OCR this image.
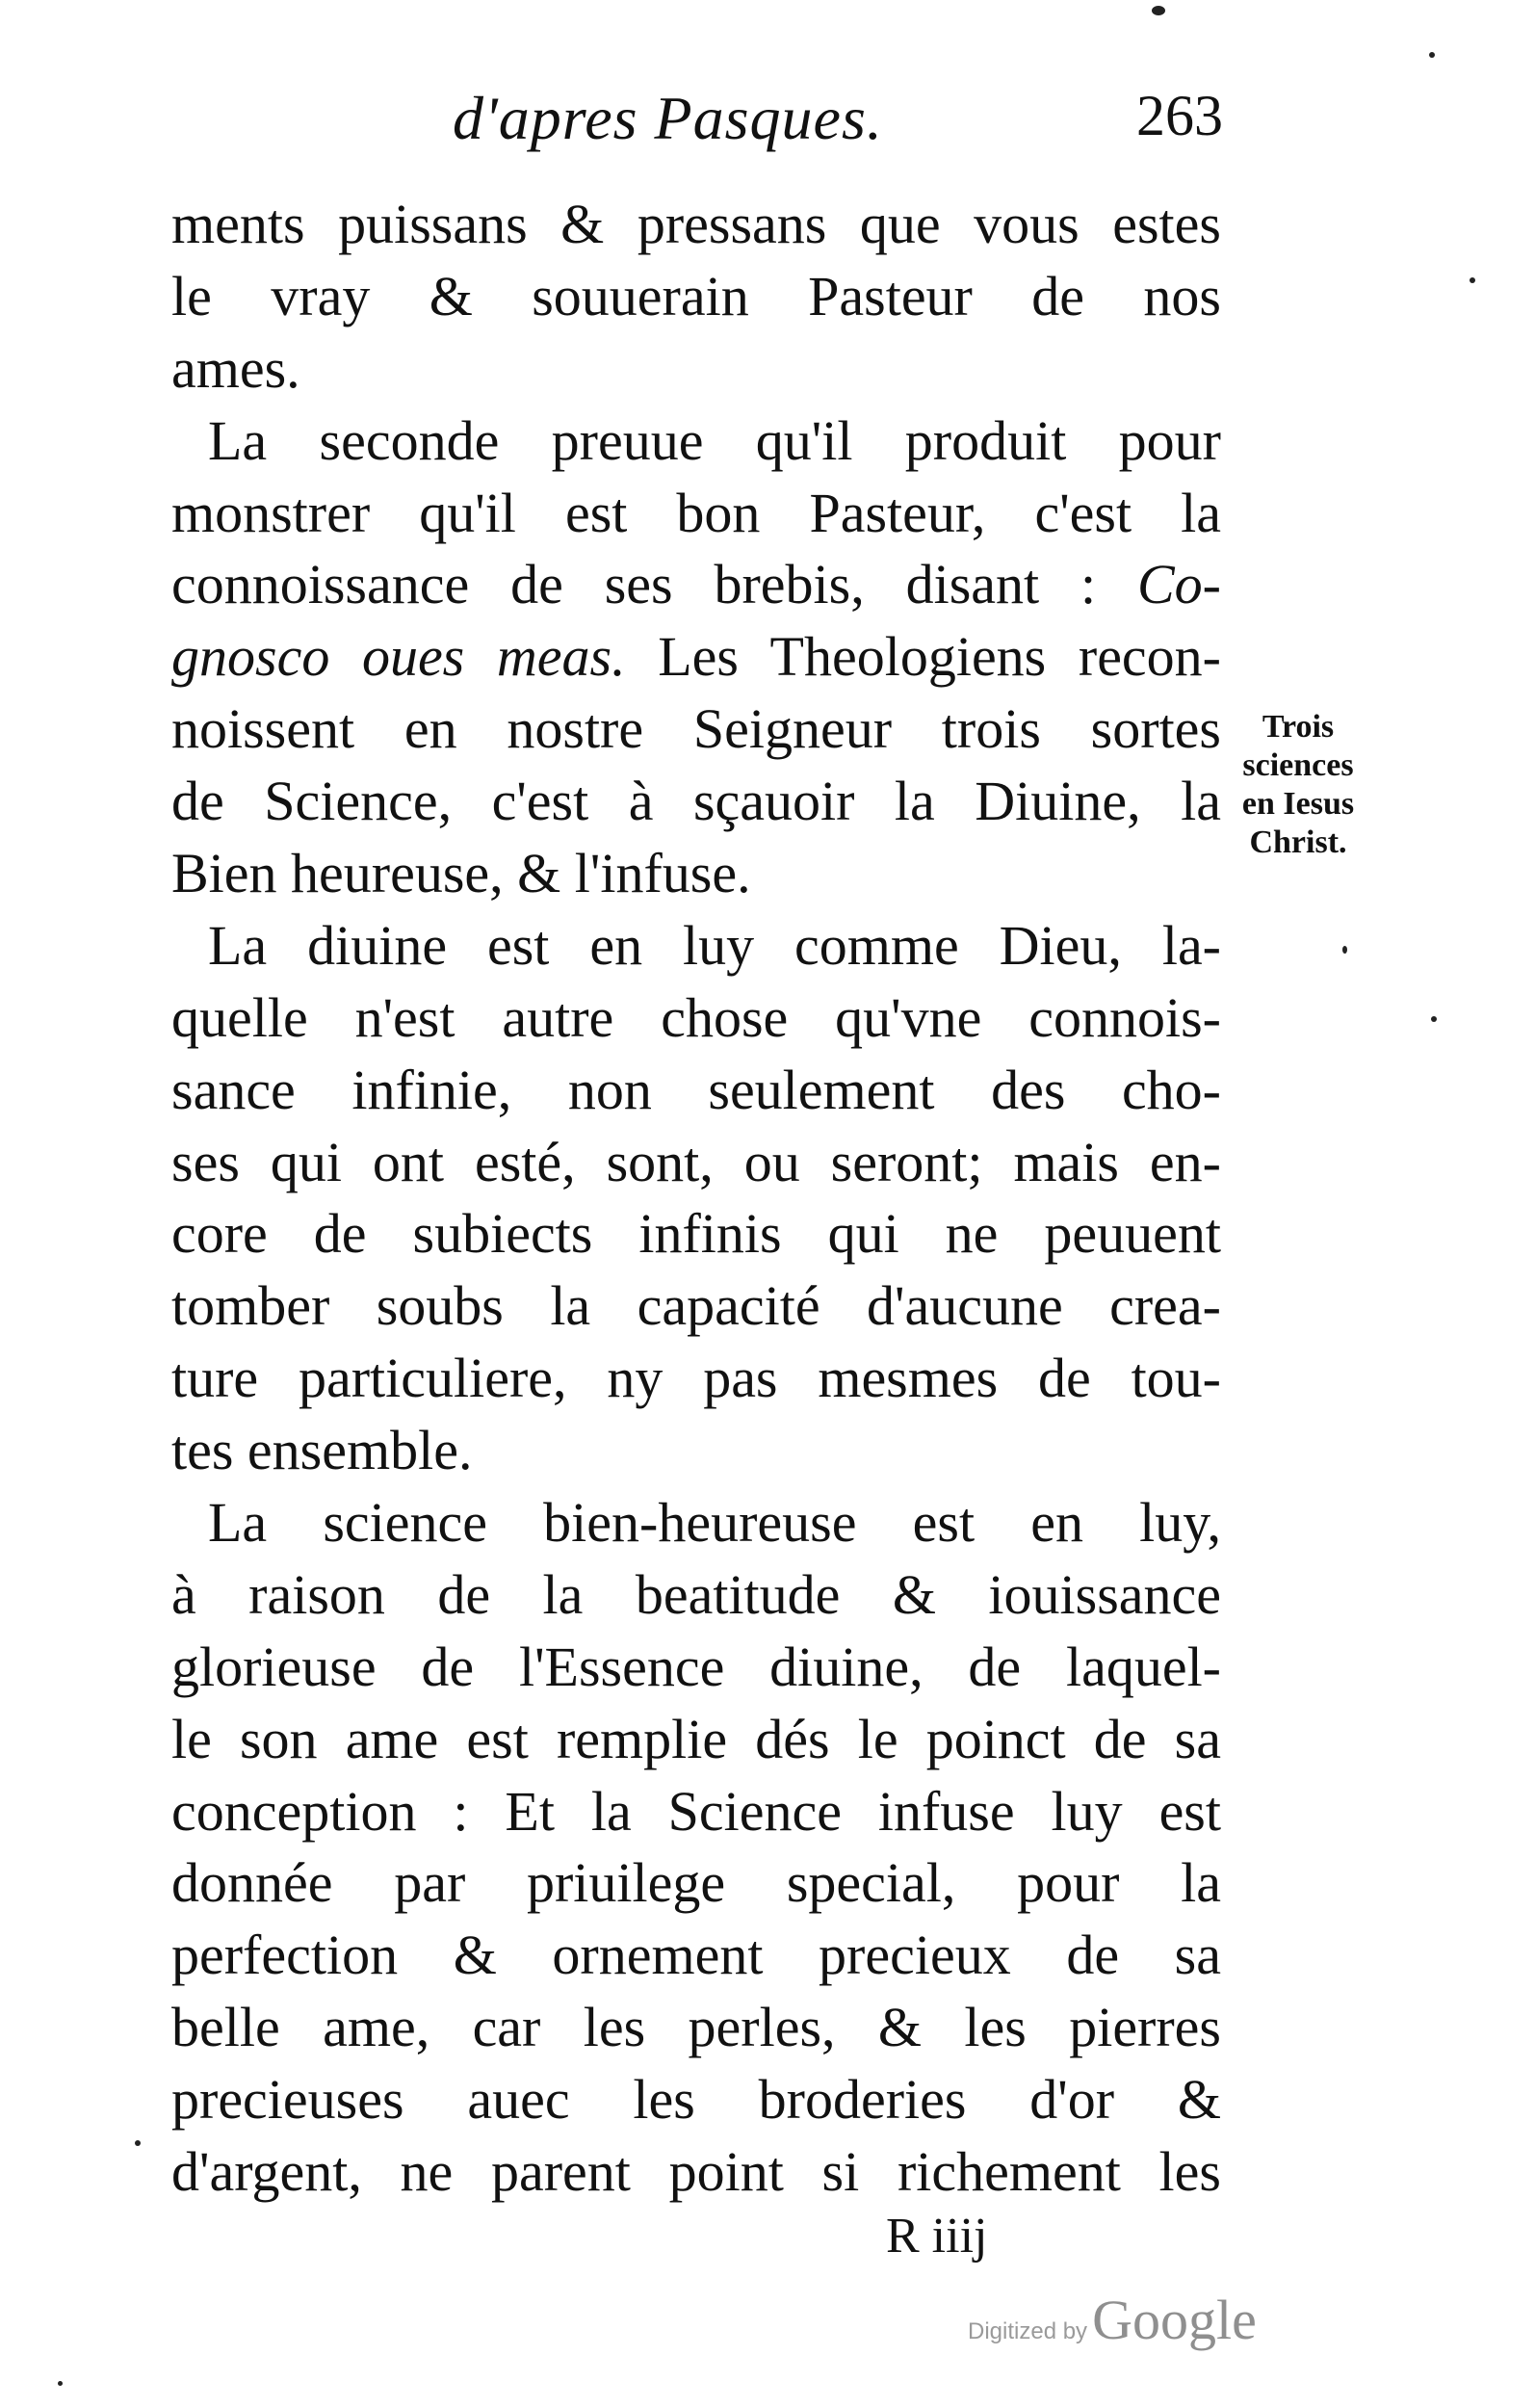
d'apres Pasques.	263
ments puissans & pressans que vous estes
le vray & souuerain Pasteur de nos
ames.
La seconde preuue qu'il produit pour
monstrer qu'il est bon Pasteur, c'est la
connoissance de ses brebis, disant : Co-
gnosco oues meas. Les Theologiens recon-
noissent en nostre Seigneur trois sortes
de Science, c'est à sçauoir la Diuine, la
Bien heureuse, & l'infuse.
La diuine est en luy comme Dieu, la-
quelle n'est autre chose qu'vne connois-
sance infinie, non seulement des cho-
ses qui ont esté, sont, ou seront; mais en-
core de subiects infinis qui ne peuuent
tomber soubs la capacité d'aucune crea-
ture particuliere, ny pas mesmes de tou-
tes ensemble.
La science bien-heureuse est en luy,
à raison de la beatitude & iouissance
glorieuse de l'Essence diuine, de laquel-
le son ame est remplie dés le poinct de sa
conception : Et la Science infuse luy est
donnée par priuilege special, pour la
perfection & ornement precieux de sa
belle ame, car les perles, & les pierres
precieuses auec les broderies d'or &
d'argent, ne parent point si richement les
Trois
sciences
en Iesus
Christ.
R iiij
Digitized by Google
